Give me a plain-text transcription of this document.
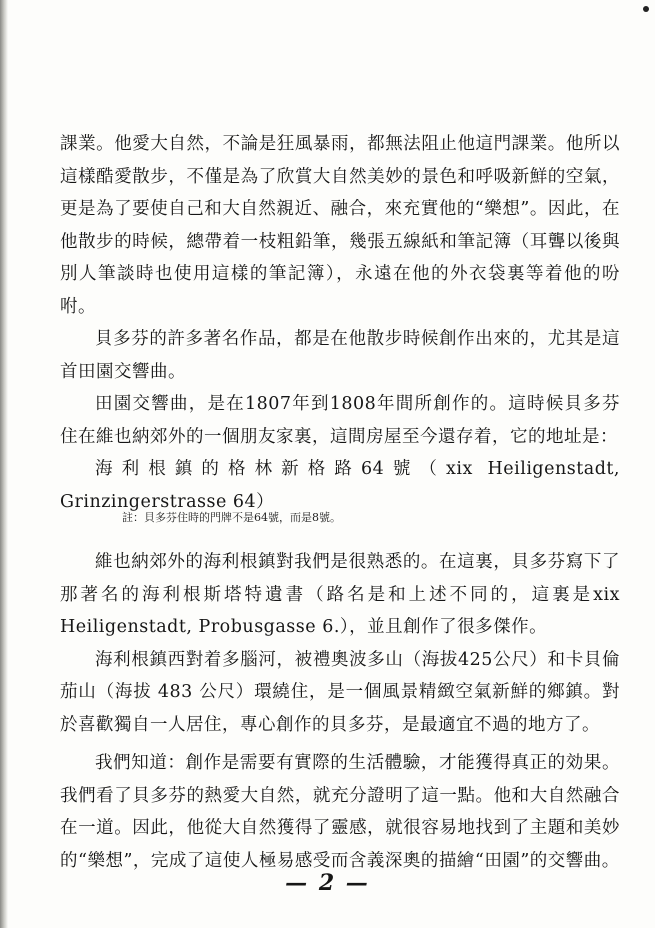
課業。他愛大自然，不論是狂風暴雨，都無法阻止他這門課業。他所以這樣酷愛散步，不僅是為了欣賞大自然美妙的景色和呼吸新鮮的空氣，更是為了要使自己和大自然親近、融合，來充實他的“樂想”。因此，在他散步的時候，總帶着一枝粗鉛筆，幾張五線紙和筆記簿（耳聾以後與別人筆談時也使用這樣的筆記簿），永遠在他的外衣袋裏等着他的吩咐。

貝多芬的許多著名作品，都是在他散步時候創作出來的，尤其是這首田園交響曲。

田園交響曲，是在1807年到1808年間所創作的。這時候貝多芬住在維也納郊外的一個朋友家裏，這間房屋至今還存着，它的地址是：

海利根鎮的格林新格路64號（xix Heiligenstadt, Grinzingerstrasse 64）

維也納郊外的海利根鎮對我們是很熟悉的。在這裏，貝多芬寫下了那著名的海利根斯塔特遺書（路名是和上述不同的，這裏是xix Heiligenstadt, Probusgasse 6.），並且創作了很多傑作。

海利根鎮西對着多腦河，被禮奧波多山（海拔425公尺）和卡貝倫茄山（海拔 483 公尺）環繞住，是一個風景精緻空氣新鮮的鄉鎮。對於喜歡獨自一人居住，專心創作的貝多芬，是最適宜不過的地方了。

我們知道：創作是需要有實際的生活體驗，才能獲得真正的効果。我們看了貝多芬的熱愛大自然，就充分證明了這一點。他和大自然融合在一道。因此，他從大自然獲得了靈感，就很容易地找到了主題和美妙的“樂想”，完成了這使人極易感受而含義深奧的描繪“田園”的交響曲。

註：貝多芬住時的門牌不是64號，而是8號。
— 2 —
